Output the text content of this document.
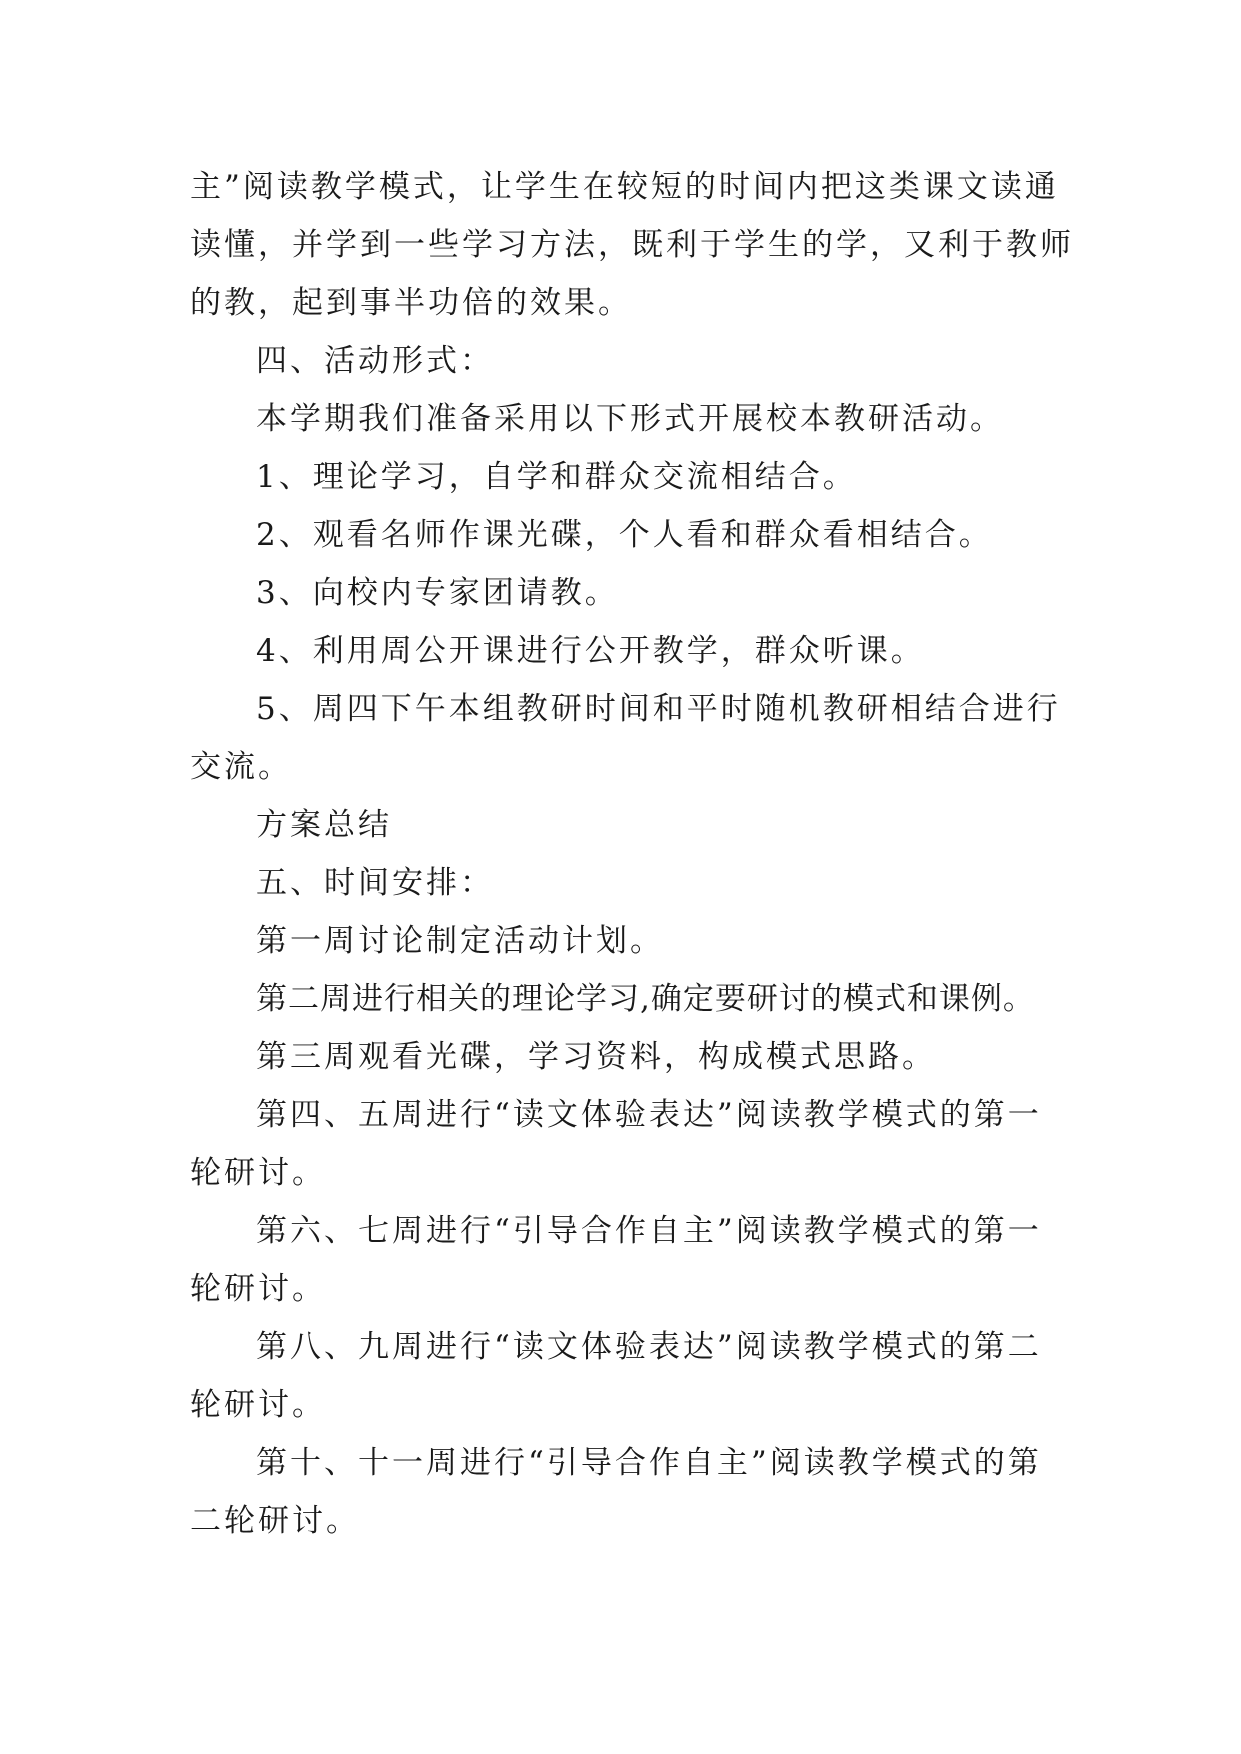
主”阅读教学模式，让学生在较短的时间内把这类课文读通
读懂，并学到一些学习方法，既利于学生的学，又利于教师
的教，起到事半功倍的效果。

四、活动形式：

本学期我们准备采用以下形式开展校本教研活动。

1、理论学习，自学和群众交流相结合。

2、观看名师作课光碟，个人看和群众看相结合。

3、向校内专家团请教。

4、利用周公开课进行公开教学，群众听课。

5、周四下午本组教研时间和平时随机教研相结合进行
交流。

方案总结

五、时间安排：

第一周讨论制定活动计划。

第二周进行相关的理论学习,确定要研讨的模式和课例。

第三周观看光碟，学习资料，构成模式思路。

第四、五周进行“读文体验表达”阅读教学模式的第一
轮研讨。

第六、七周进行“引导合作自主”阅读教学模式的第一
轮研讨。

第八、九周进行“读文体验表达”阅读教学模式的第二
轮研讨。

第十、十一周进行“引导合作自主”阅读教学模式的第
二轮研讨。
